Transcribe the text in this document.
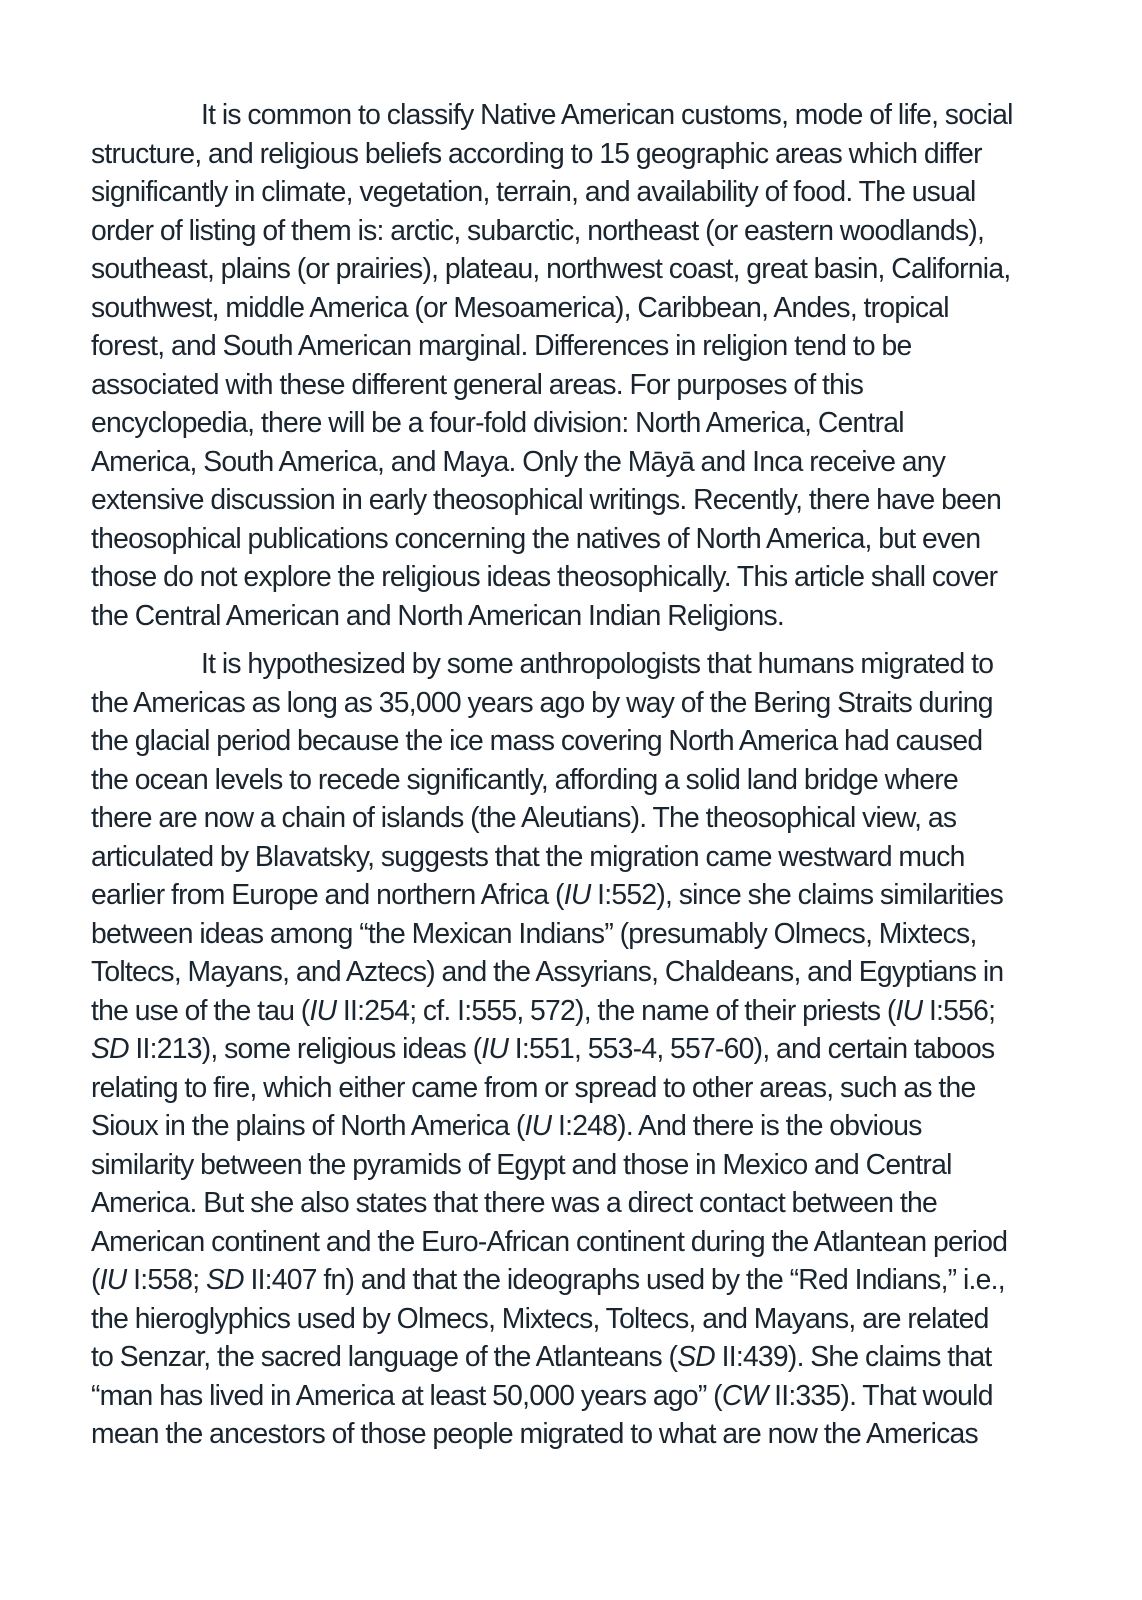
It is common to classify Native American customs, mode of life, social
structure, and religious beliefs according to 15 geographic areas which differ
significantly in climate, vegetation, terrain, and availability of food. The usual
order of listing of them is: arctic, subarctic, northeast (or eastern woodlands),
southeast, plains (or prairies), plateau, northwest coast, great basin, California,
southwest, middle America (or Mesoamerica), Caribbean, Andes, tropical
forest, and South American marginal. Differences in religion tend to be
associated with these different general areas. For purposes of this
encyclopedia, there will be a four-fold division: North America, Central
America, South America, and Maya. Only the Māyā and Inca receive any
extensive discussion in early theosophical writings. Recently, there have been
theosophical publications concerning the natives of North America, but even
those do not explore the religious ideas theosophically. This article shall cover
the Central American and North American Indian Religions.

It is hypothesized by some anthropologists that humans migrated to
the Americas as long as 35,000 years ago by way of the Bering Straits during
the glacial period because the ice mass covering North America had caused
the ocean levels to recede significantly, affording a solid land bridge where
there are now a chain of islands (the Aleutians). The theosophical view, as
articulated by Blavatsky, suggests that the migration came westward much
earlier from Europe and northern Africa (IU I:552), since she claims similarities
between ideas among “the Mexican Indians” (presumably Olmecs, Mixtecs,
Toltecs, Mayans, and Aztecs) and the Assyrians, Chaldeans, and Egyptians in
the use of the tau (IU II:254; cf. I:555, 572), the name of their priests (IU I:556;
SD II:213), some religious ideas (IU I:551, 553-4, 557-60), and certain taboos
relating to fire, which either came from or spread to other areas, such as the
Sioux in the plains of North America (IU I:248). And there is the obvious
similarity between the pyramids of Egypt and those in Mexico and Central
America. But she also states that there was a direct contact between the
American continent and the Euro-African continent during the Atlantean period
(IU I:558; SD II:407 fn) and that the ideographs used by the “Red Indians,” i.e.,
the hieroglyphics used by Olmecs, Mixtecs, Toltecs, and Mayans, are related
to Senzar, the sacred language of the Atlanteans (SD II:439). She claims that
“man has lived in America at least 50,000 years ago” (CW II:335). That would
mean the ancestors of those people migrated to what are now the Americas
